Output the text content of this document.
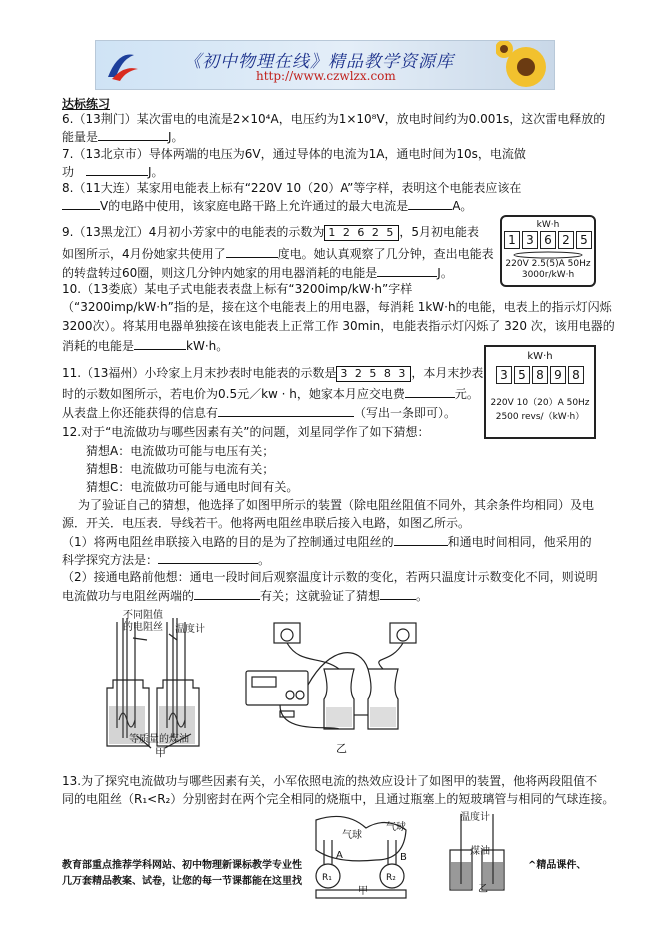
《初中物理在线》精品教学资源库
http://www.czwlzx.com
达标练习
6.（13荆门）某次雷电的电流是2×10⁴A，电压约为1×10⁸V，放电时间约为0.001s，这次雷电释放的
能量是	J。
7.（13北京市）导体两端的电压为6V，通过导体的电流为1A，通电时间为10s，电流做
功	J。
8.（11大连）某家用电能表上标有“220V 10（20）A”等字样，表明这个电能表应该在
V的电路中使用，该家庭电路干路上允许通过的最大电流是	A。
9.（13黑龙江）4月初小芳家中的电能表的示数为 1 2 6 2 5 ，5月初电能表
如图所示，4月份她家共使用了	度电。她认真观察了几分钟，查出电能表
的转盘转过60圈，则这几分钟内她家的用电器消耗的电能是	J。
kW·h
1 3 6 2 5
220V 2.5(5)A 50Hz
3000r/kW·h
10.（13娄底）某电子式电能表表盘上标有“3200imp/kW·h”字样
（“3200imp/kW·h”指的是，接在这个电能表上的用电器，每消耗 1kW·h的电能，电表上的指示灯闪烁
3200次）。将某用电器单独接在该电能表上正常工作 30min，电能表指示灯闪烁了 320 次，该用电器的
消耗的电能是	kW·h。
11.（13福州）小玲家上月末抄表时电能表的示数是 3 2 5 8 3 ，本月末抄表
时的示数如图所示，若电价为0.5元／kw · h，她家本月应交电费	元。
从表盘上你还能获得的信息有	（写出一条即可）。
kW·h
3 5 8 9 8
220V 10（20）A 50Hz
2500 revs/（kW·h）
12.对于“电流做功与哪些因素有关”的问题，刘星同学作了如下猜想：
猜想A：电流做功可能与电压有关；
猜想B：电流做功可能与电流有关；
猜想C：电流做功可能与通电时间有关。
为了验证自己的猜想，他选择了如图甲所示的装置（除电阻丝阻值不同外，其余条件均相同）及电
源．开关．电压表．导线若干。他将两电阻丝串联后接入电路，如图乙所示。
（1）将两电阻丝串联接入电路的目的是为了控制通过电阻丝的	和通电时间相同，他采用的
科学探究方法是：	。
（2）接通电路前他想：通电一段时间后观察温度计示数的变化，若两只温度计示数变化不同，则说明
电流做功与电阻丝两端的	有关；这就验证了猜想	。
不同阻值
的电阻丝 温度计
等质量的煤油
甲	乙
13.为了探究电流做功与哪些因素有关，小军依照电流的热效应设计了如图甲的装置，他将两段阻值不
同的电阻丝（R₁<R₂）分别密封在两个完全相同的烧瓶中，且通过瓶塞上的短玻璃管与相同的气球连接。
气球
气球
A	B
R₁	R₂
温度计
煤油
甲	乙
教育部重点推荐学科网站、初中物理新课标教学专业性	^精品课件、
几万套精品教案、试卷，让您的每一节课都能在这里找
